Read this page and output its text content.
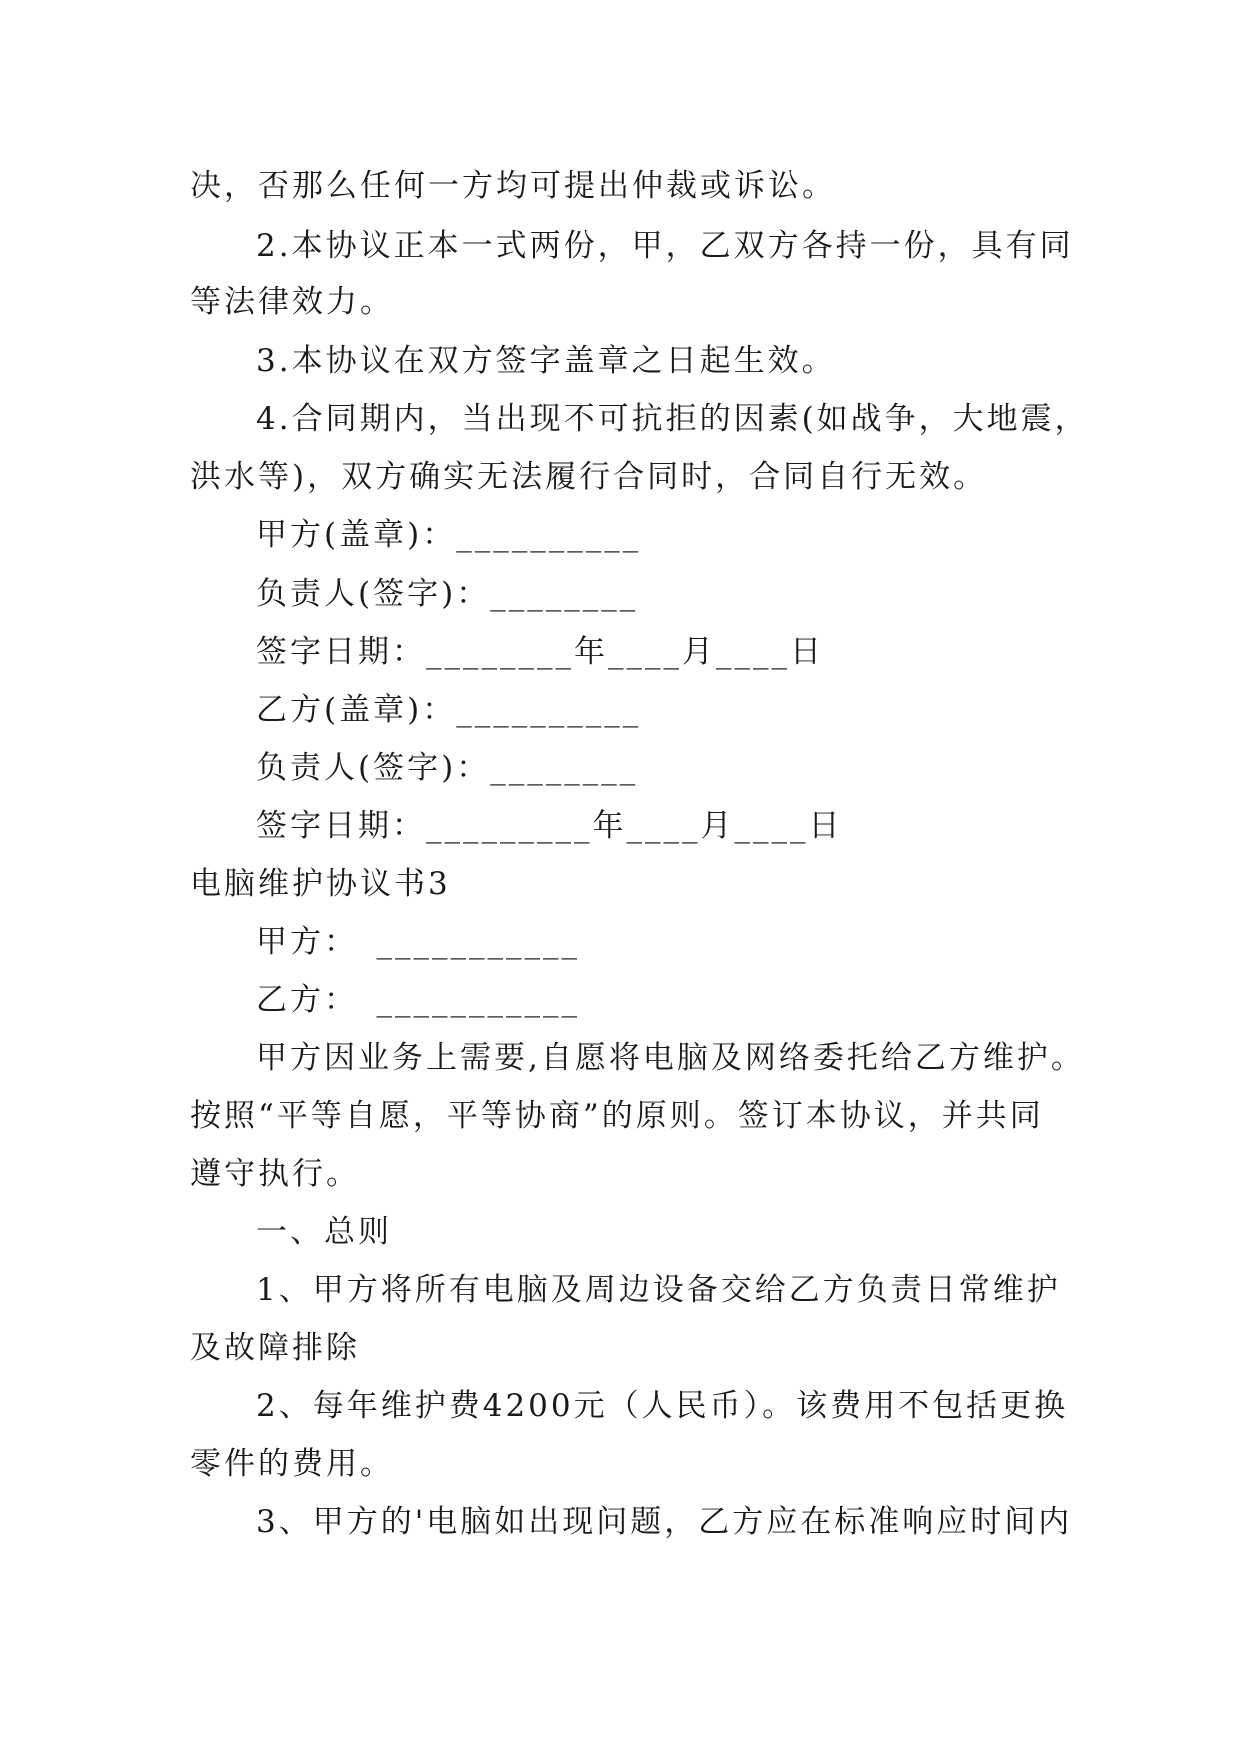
决，否那么任何一方均可提出仲裁或诉讼。
2.本协议正本一式两份，甲，乙双方各持一份，具有同
等法律效力。
3.本协议在双方签字盖章之日起生效。
4.合同期内，当出现不可抗拒的因素(如战争，大地震，
洪水等)，双方确实无法履行合同时，合同自行无效。
甲方(盖章)：__________
负责人(签字)：________
签字日期：________年____月____日
乙方(盖章)：__________
负责人(签字)：________
签字日期：_________年____月____日
电脑维护协议书3
甲方：　___________
乙方：　___________
甲方因业务上需要,自愿将电脑及网络委托给乙方维护。
按照“平等自愿，平等协商”的原则。签订本协议，并共同
遵守执行。
一、总则
1、甲方将所有电脑及周边设备交给乙方负责日常维护
及故障排除
2、每年维护费4200元（人民币）。该费用不包括更换
零件的费用。
3、甲方的'电脑如出现问题，乙方应在标准响应时间内
